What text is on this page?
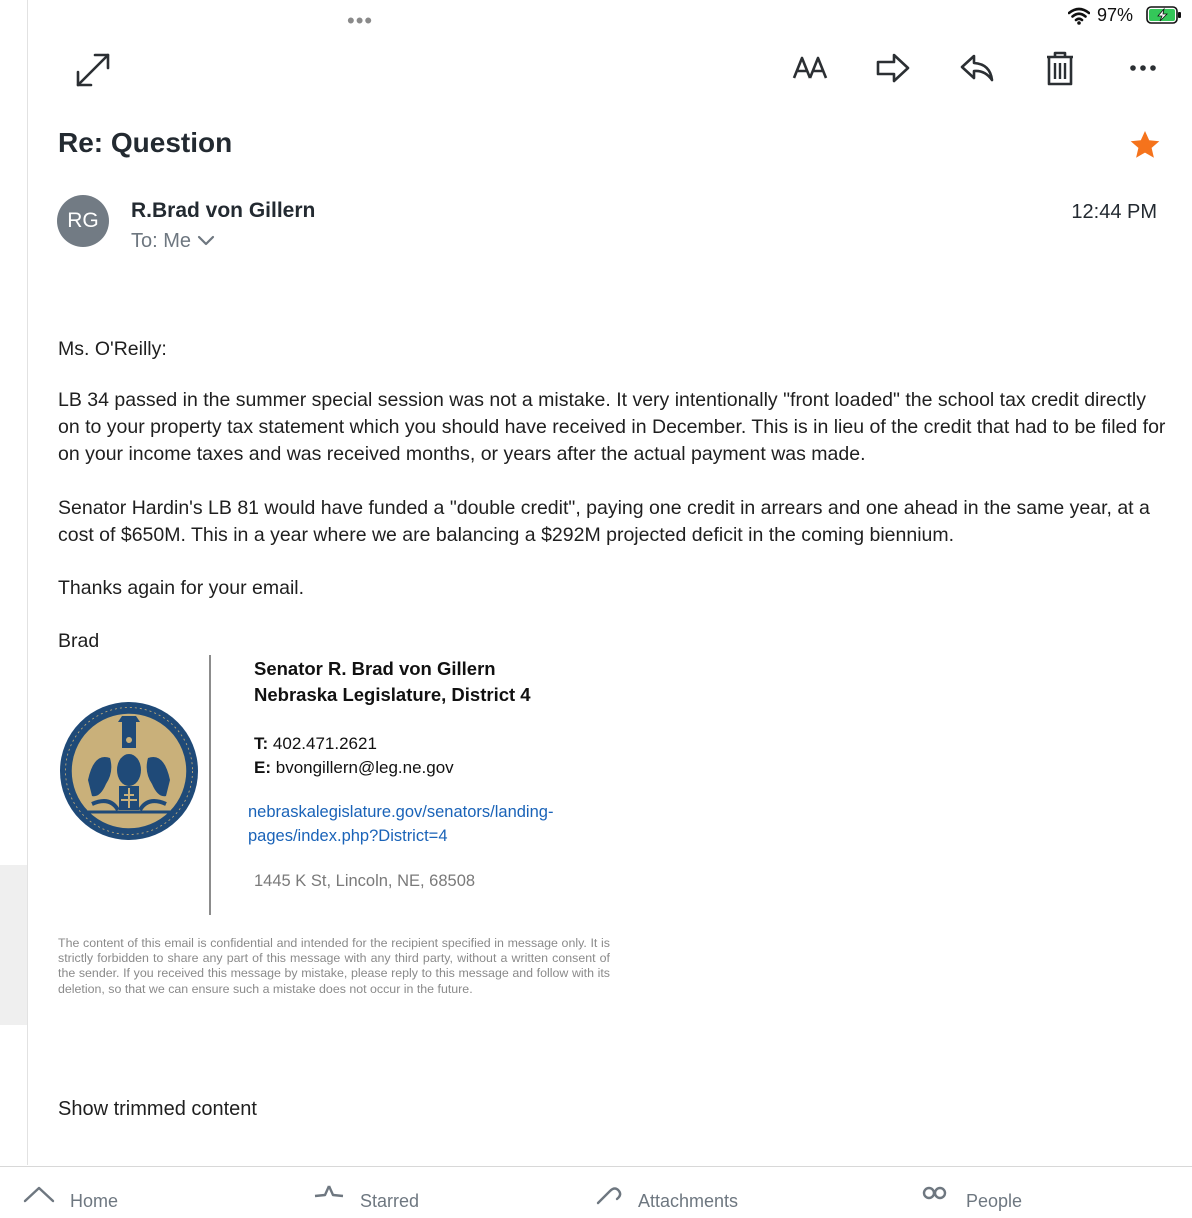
•••	97%
Re: Question
RG R.Brad von Gillern
To: Me
12:44 PM
Ms. O'Reilly:
LB 34 passed in the summer special session was not a mistake. It very intentionally "front loaded" the school tax credit directly on to your property tax statement which you should have received in December. This is in lieu of the credit that had to be filed for on your income taxes and was received months, or years after the actual payment was made.
Senator Hardin's LB 81 would have funded a "double credit", paying one credit in arrears and one ahead in the same year, at a cost of $650M. This in a year where we are balancing a $292M projected deficit in the coming biennium.
Thanks again for your email.
Brad
Senator R. Brad von Gillern
Nebraska Legislature, District 4
T: 402.471.2621
E: bvongillern@leg.ne.gov
nebraskalegislature.gov/senators/landing-
pages/index.php?District=4
1445 K St, Lincoln, NE, 68508
The content of this email is confidential and intended for the recipient specified in message only. It is strictly forbidden to share any part of this message with any third party, without a written consent of the sender. If you received this message by mistake, please reply to this message and follow with its deletion, so that we can ensure such a mistake does not occur in the future.
Show trimmed content
Home	Starred	Attachments	People
